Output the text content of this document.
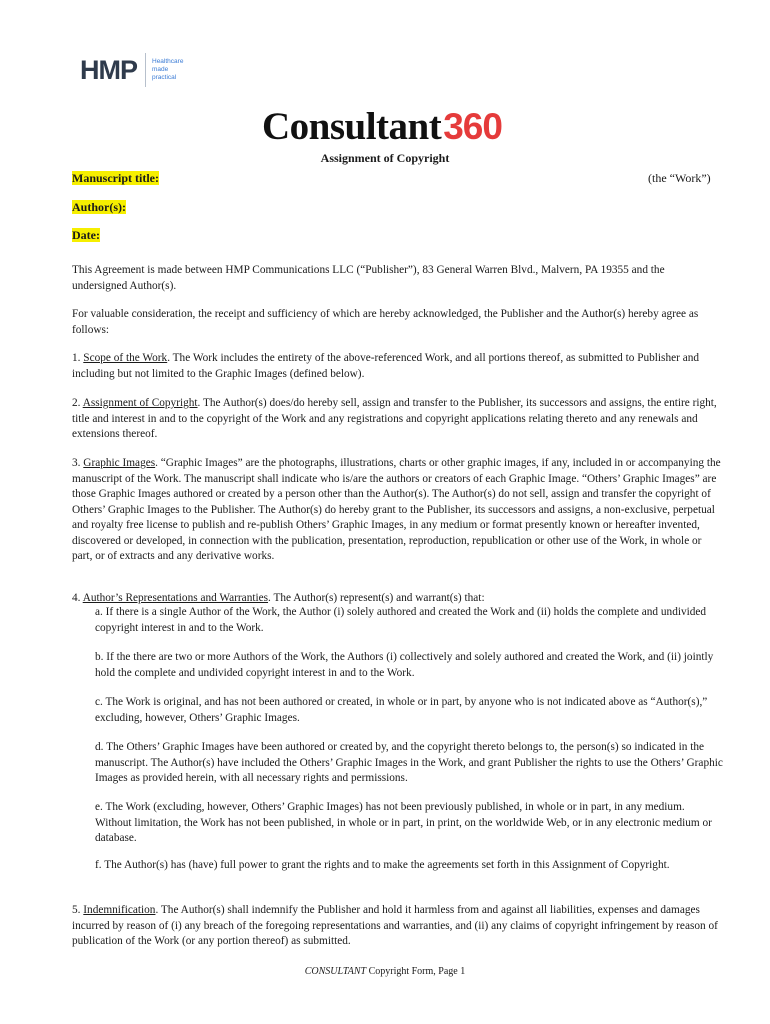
HMP Healthcare made practical
Consultant 360
Assignment of Copyright
Manuscript title:	(the “Work”)
Author(s):
Date:
This Agreement is made between HMP Communications LLC (“Publisher”), 83 General Warren Blvd., Malvern, PA 19355 and the undersigned Author(s).
For valuable consideration, the receipt and sufficiency of which are hereby acknowledged, the Publisher and the Author(s) hereby agree as follows:
1. Scope of the Work. The Work includes the entirety of the above-referenced Work, and all portions thereof, as submitted to Publisher and including but not limited to the Graphic Images (defined below).
2. Assignment of Copyright. The Author(s) does/do hereby sell, assign and transfer to the Publisher, its successors and assigns, the entire right, title and interest in and to the copyright of the Work and any registrations and copyright applications relating thereto and any renewals and extensions thereof.
3. Graphic Images. “Graphic Images” are the photographs, illustrations, charts or other graphic images, if any, included in or accompanying the manuscript of the Work. The manuscript shall indicate who is/are the authors or creators of each Graphic Image. “Others’ Graphic Images” are those Graphic Images authored or created by a person other than the Author(s). The Author(s) do not sell, assign and transfer the copyright of Others’ Graphic Images to the Publisher. The Author(s) do hereby grant to the Publisher, its successors and assigns, a non-exclusive, perpetual and royalty free license to publish and re-publish Others’ Graphic Images, in any medium or format presently known or hereafter invented, discovered or developed, in connection with the publication, presentation, reproduction, republication or other use of the Work, in whole or part, or of extracts and any derivative works.
4. Author’s Representations and Warranties. The Author(s) represent(s) and warrant(s) that:
a. If there is a single Author of the Work, the Author (i) solely authored and created the Work and (ii) holds the complete and undivided copyright interest in and to the Work.
b. If the there are two or more Authors of the Work, the Authors (i) collectively and solely authored and created the Work, and (ii) jointly hold the complete and undivided copyright interest in and to the Work.
c. The Work is original, and has not been authored or created, in whole or in part, by anyone who is not indicated above as “Author(s),” excluding, however, Others’ Graphic Images.
d. The Others’ Graphic Images have been authored or created by, and the copyright thereto belongs to, the person(s) so indicated in the manuscript. The Author(s) have included the Others’ Graphic Images in the Work, and grant Publisher the rights to use the Others’ Graphic Images as provided herein, with all necessary rights and permissions.
e. The Work (excluding, however, Others’ Graphic Images) has not been previously published, in whole or in part, in any medium. Without limitation, the Work has not been published, in whole or in part, in print, on the worldwide Web, or in any electronic medium or database.
f. The Author(s) has (have) full power to grant the rights and to make the agreements set forth in this Assignment of Copyright.
5. Indemnification. The Author(s) shall indemnify the Publisher and hold it harmless from and against all liabilities, expenses and damages incurred by reason of (i) any breach of the foregoing representations and warranties, and (ii) any claims of copyright infringement by reason of publication of the Work (or any portion thereof) as submitted.
CONSULTANT Copyright Form, Page 1
